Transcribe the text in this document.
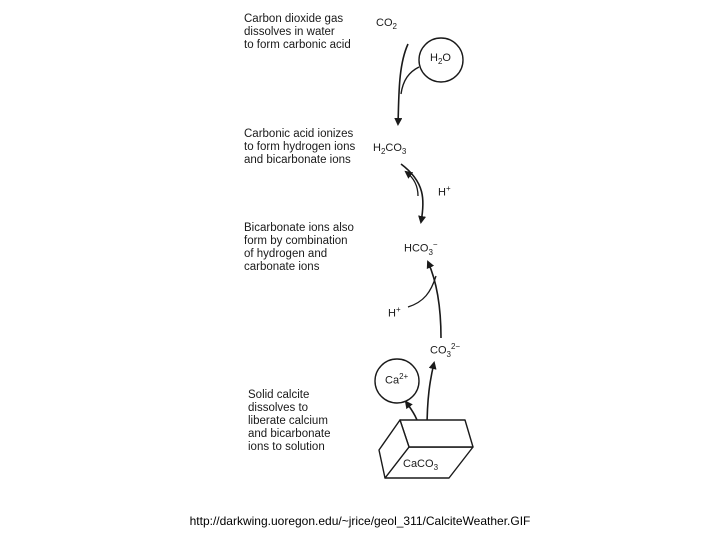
Carbon dioxide gas
dissolves in water
to form carbonic acid
Carbonic acid ionizes
to form hydrogen ions
and bicarbonate ions
Bicarbonate ions also
form by combination
of hydrogen and
carbonate ions
Solid calcite
dissolves to
liberate calcium
and bicarbonate
ions to solution
$CO_2$
$H_2O$
$H_2CO_3$
H+
$HCO_3^-$
H+
$CO_3^{2-}$
$Ca^{2+}$
CaCO$_3$
http://darkwing.uoregon.edu/~jrice/geol_311/CalciteWeather.GIF
